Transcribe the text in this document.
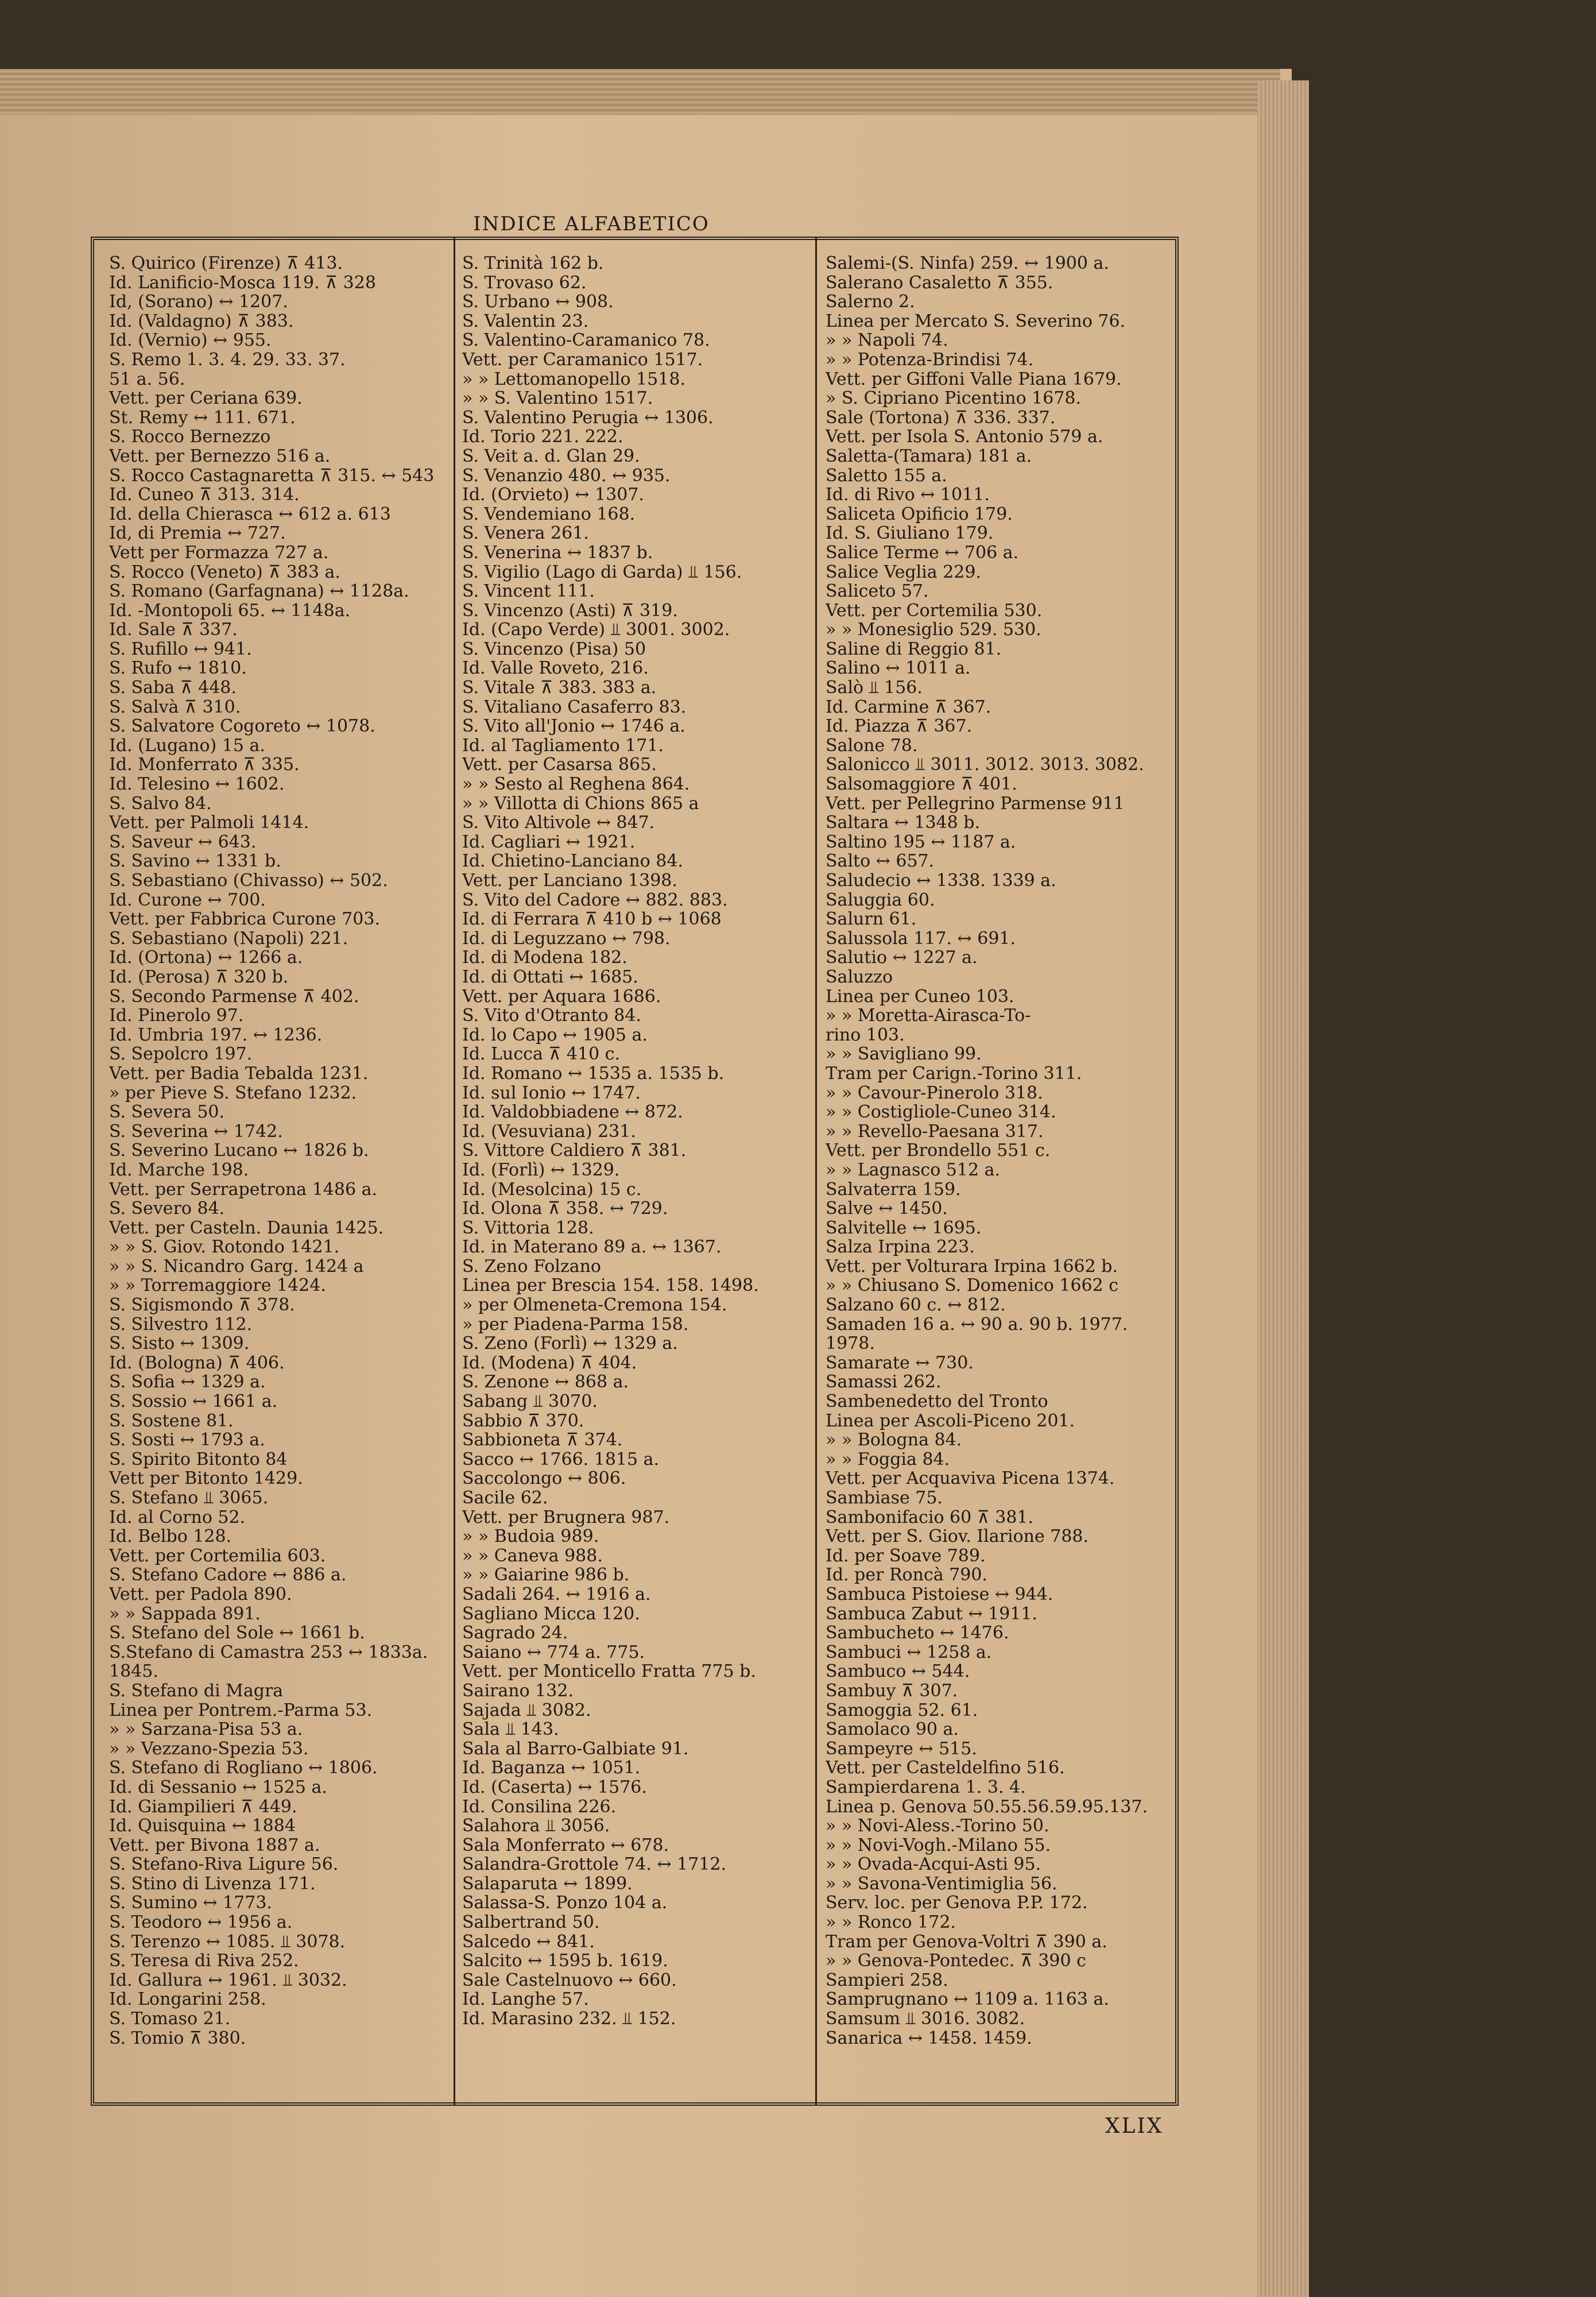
INDICE ALFABETICO
S. Quirico (Firenze) ⊼ 413.
Id. Lanificio-Mosca 119. ⊼ 328
Id, (Sorano) ↔ 1207.
Id. (Valdagno) ⊼ 383.
Id. (Vernio) ↔ 955.
S. Remo 1. 3. 4. 29. 33. 37.
51 a. 56.
Vett. per Ceriana 639.
St. Remy ↔ 111. 671.
S. Rocco Bernezzo
Vett. per Bernezzo 516 a.
S. Rocco Castagnaretta ⊼ 315. ↔ 543
Id. Cuneo ⊼ 313. 314.
Id. della Chierasca ↔ 612 a. 613
Id, di Premia ↔ 727.
Vett per Formazza 727 a.
S. Rocco (Veneto) ⊼ 383 a.
S. Romano (Garfagnana) ↔ 1128a.
Id. -Montopoli 65. ↔ 1148a.
Id. Sale ⊼ 337.
S. Rufillo ↔ 941.
S. Rufo ↔ 1810.
S. Saba ⊼ 448.
S. Salvà ⊼ 310.
S. Salvatore Cogoreto ↔ 1078.
Id. (Lugano) 15 a.
Id. Monferrato ⊼ 335.
Id. Telesino ↔ 1602.
S. Salvo 84.
Vett. per Palmoli 1414.
S. Saveur ↔ 643.
S. Savino ↔ 1331 b.
S. Sebastiano (Chivasso) ↔ 502.
Id. Curone ↔ 700.
Vett. per Fabbrica Curone 703.
S. Sebastiano (Napoli) 221.
Id. (Ortona) ↔ 1266 a.
Id. (Perosa) ⊼ 320 b.
S. Secondo Parmense ⊼ 402.
Id. Pinerolo 97.
Id. Umbria 197. ↔ 1236.
S. Sepolcro 197.
Vett. per Badia Tebalda 1231.
» per Pieve S. Stefano 1232.
S. Severa 50.
S. Severina ↔ 1742.
S. Severino Lucano ↔ 1826 b.
Id. Marche 198.
Vett. per Serrapetrona 1486 a.
S. Severo 84.
Vett. per Casteln. Daunia 1425.
» » S. Giov. Rotondo 1421.
» » S. Nicandro Garg. 1424 a
» » Torremaggiore 1424.
S. Sigismondo ⊼ 378.
S. Silvestro 112.
S. Sisto ↔ 1309.
Id. (Bologna) ⊼ 406.
S. Sofia ↔ 1329 a.
S. Sossio ↔ 1661 a.
S. Sostene 81.
S. Sosti ↔ 1793 a.
S. Spirito Bitonto 84
Vett per Bitonto 1429.
S. Stefano ⫫ 3065.
Id. al Corno 52.
Id. Belbo 128.
Vett. per Cortemilia 603.
S. Stefano Cadore ↔ 886 a.
Vett. per Padola 890.
» » Sappada 891.
S. Stefano del Sole ↔ 1661 b.
S.Stefano di Camastra 253 ↔ 1833a.
1845.
S. Stefano di Magra
Linea per Pontrem.-Parma 53.
» » Sarzana-Pisa 53 a.
» » Vezzano-Spezia 53.
S. Stefano di Rogliano ↔ 1806.
Id. di Sessanio ↔ 1525 a.
Id. Giampilieri ⊼ 449.
Id. Quisquina ↔ 1884
Vett. per Bivona 1887 a.
S. Stefano-Riva Ligure 56.
S. Stino di Livenza 171.
S. Sumino ↔ 1773.
S. Teodoro ↔ 1956 a.
S. Terenzo ↔ 1085. ⫫ 3078.
S. Teresa di Riva 252.
Id. Gallura ↔ 1961. ⫫ 3032.
Id. Longarini 258.
S. Tomaso 21.
S. Tomio ⊼ 380.
S. Trinità 162 b.
S. Trovaso 62.
S. Urbano ↔ 908.
S. Valentin 23.
S. Valentino-Caramanico 78.
Vett. per Caramanico 1517.
» » Lettomanopello 1518.
» » S. Valentino 1517.
S. Valentino Perugia ↔ 1306.
Id. Torio 221. 222.
S. Veit a. d. Glan 29.
S. Venanzio 480. ↔ 935.
Id. (Orvieto) ↔ 1307.
S. Vendemiano 168.
S. Venera 261.
S. Venerina ↔ 1837 b.
S. Vigilio (Lago di Garda) ⫫ 156.
S. Vincent 111.
S. Vincenzo (Asti) ⊼ 319.
Id. (Capo Verde) ⫫ 3001. 3002.
S. Vincenzo (Pisa) 50
Id. Valle Roveto, 216.
S. Vitale ⊼ 383. 383 a.
S. Vitaliano Casaferro 83.
S. Vito all'Jonio ↔ 1746 a.
Id. al Tagliamento 171.
Vett. per Casarsa 865.
» » Sesto al Reghena 864.
» » Villotta di Chions 865 a
S. Vito Altivole ↔ 847.
Id. Cagliari ↔ 1921.
Id. Chietino-Lanciano 84.
Vett. per Lanciano 1398.
S. Vito del Cadore ↔ 882. 883.
Id. di Ferrara ⊼ 410 b ↔ 1068
Id. di Leguzzano ↔ 798.
Id. di Modena 182.
Id. di Ottati ↔ 1685.
Vett. per Aquara 1686.
S. Vito d'Otranto 84.
Id. lo Capo ↔ 1905 a.
Id. Lucca ⊼ 410 c.
Id. Romano ↔ 1535 a. 1535 b.
Id. sul Ionio ↔ 1747.
Id. Valdobbiadene ↔ 872.
Id. (Vesuviana) 231.
S. Vittore Caldiero ⊼ 381.
Id. (Forlì) ↔ 1329.
Id. (Mesolcina) 15 c.
Id. Olona ⊼ 358. ↔ 729.
S. Vittoria 128.
Id. in Materano 89 a. ↔ 1367.
S. Zeno Folzano
Linea per Brescia 154. 158. 1498.
» per Olmeneta-Cremona 154.
» per Piadena-Parma 158.
S. Zeno (Forlì) ↔ 1329 a.
Id. (Modena) ⊼ 404.
S. Zenone ↔ 868 a.
Sabang ⫫ 3070.
Sabbio ⊼ 370.
Sabbioneta ⊼ 374.
Sacco ↔ 1766. 1815 a.
Saccolongo ↔ 806.
Sacile 62.
Vett. per Brugnera 987.
» » Budoia 989.
» » Caneva 988.
» » Gaiarine 986 b.
Sadali 264. ↔ 1916 a.
Sagliano Micca 120.
Sagrado 24.
Saiano ↔ 774 a. 775.
Vett. per Monticello Fratta 775 b.
Sairano 132.
Sajada ⫫ 3082.
Sala ⫫ 143.
Sala al Barro-Galbiate 91.
Id. Baganza ↔ 1051.
Id. (Caserta) ↔ 1576.
Id. Consilina 226.
Salahora ⫫ 3056.
Sala Monferrato ↔ 678.
Salandra-Grottole 74. ↔ 1712.
Salaparuta ↔ 1899.
Salassa-S. Ponzo 104 a.
Salbertrand 50.
Salcedo ↔ 841.
Salcito ↔ 1595 b. 1619.
Sale Castelnuovo ↔ 660.
Id. Langhe 57.
Id. Marasino 232. ⫫ 152.
Salemi-(S. Ninfa) 259. ↔ 1900 a.
Salerano Casaletto ⊼ 355.
Salerno 2.
Linea per Mercato S. Severino 76.
» » Napoli 74.
» » Potenza-Brindisi 74.
Vett. per Giffoni Valle Piana 1679.
» S. Cipriano Picentino 1678.
Sale (Tortona) ⊼ 336. 337.
Vett. per Isola S. Antonio 579 a.
Saletta-(Tamara) 181 a.
Saletto 155 a.
Id. di Rivo ↔ 1011.
Saliceta Opificio 179.
Id. S. Giuliano 179.
Salice Terme ↔ 706 a.
Salice Veglia 229.
Saliceto 57.
Vett. per Cortemilia 530.
» » Monesiglio 529. 530.
Saline di Reggio 81.
Salino ↔ 1011 a.
Salò ⫫ 156.
Id. Carmine ⊼ 367.
Id. Piazza ⊼ 367.
Salone 78.
Salonicco ⫫ 3011. 3012. 3013. 3082.
Salsomaggiore ⊼ 401.
Vett. per Pellegrino Parmense 911
Saltara ↔ 1348 b.
Saltino 195 ↔ 1187 a.
Salto ↔ 657.
Saludecio ↔ 1338. 1339 a.
Saluggia 60.
Salurn 61.
Salussola 117. ↔ 691.
Salutio ↔ 1227 a.
Saluzzo
Linea per Cuneo 103.
» » Moretta-Airasca-To-
rino 103.
» » Savigliano 99.
Tram per Carign.-Torino 311.
» » Cavour-Pinerolo 318.
» » Costigliole-Cuneo 314.
» » Revello-Paesana 317.
Vett. per Brondello 551 c.
» » Lagnasco 512 a.
Salvaterra 159.
Salve ↔ 1450.
Salvitelle ↔ 1695.
Salza Irpina 223.
Vett. per Volturara Irpina 1662 b.
» » Chiusano S. Domenico 1662 c
Salzano 60 c. ↔ 812.
Samaden 16 a. ↔ 90 a. 90 b. 1977.
1978.
Samarate ↔ 730.
Samassi 262.
Sambenedetto del Tronto
Linea per Ascoli-Piceno 201.
» » Bologna 84.
» » Foggia 84.
Vett. per Acquaviva Picena 1374.
Sambiase 75.
Sambonifacio 60 ⊼ 381.
Vett. per S. Giov. Ilarione 788.
Id. per Soave 789.
Id. per Roncà 790.
Sambuca Pistoiese ↔ 944.
Sambuca Zabut ↔ 1911.
Sambucheto ↔ 1476.
Sambuci ↔ 1258 a.
Sambuco ↔ 544.
Sambuy ⊼ 307.
Samoggia 52. 61.
Samolaco 90 a.
Sampeyre ↔ 515.
Vett. per Casteldelfino 516.
Sampierdarena 1. 3. 4.
Linea p. Genova 50.55.56.59.95.137.
» » Novi-Aless.-Torino 50.
» » Novi-Vogh.-Milano 55.
» » Ovada-Acqui-Asti 95.
» » Savona-Ventimiglia 56.
Serv. loc. per Genova P.P. 172.
» » Ronco 172.
Tram per Genova-Voltri ⊼ 390 a.
» » Genova-Pontedec. ⊼ 390 c
Sampieri 258.
Samprugnano ↔ 1109 a. 1163 a.
Samsum ⫫ 3016. 3082.
Sanarica ↔ 1458. 1459.
XLIX
